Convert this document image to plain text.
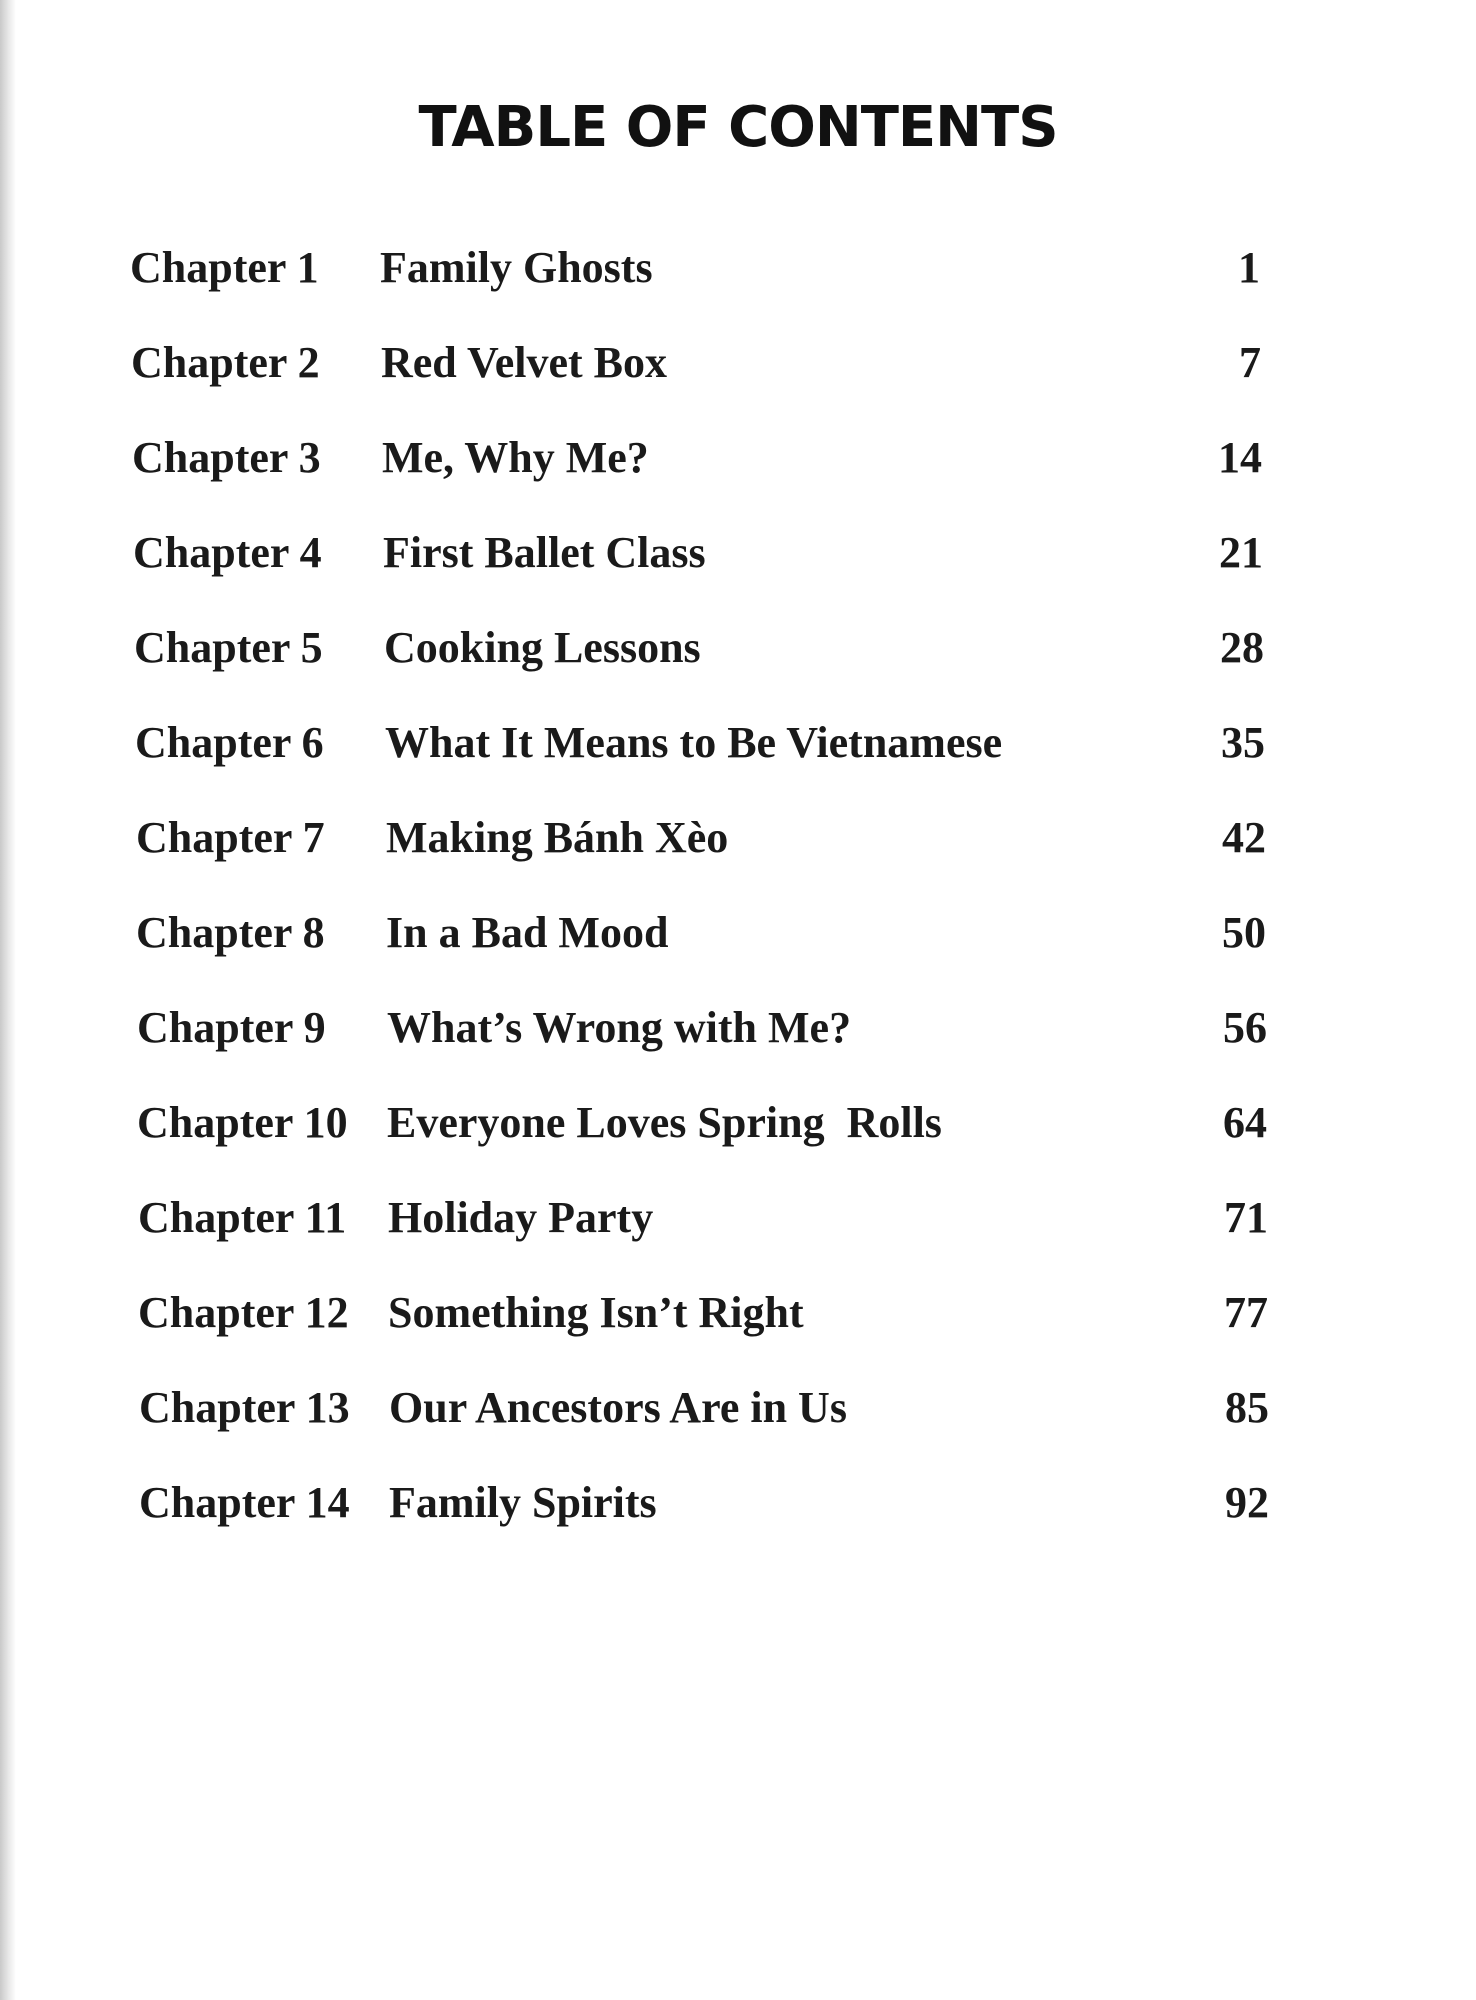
TABLE OF CONTENTS
Chapter 1 Family Ghosts	1
Chapter 2 Red Velvet Box	7
Chapter 3 Me, Why Me?	14
Chapter 4 First Ballet Class	21
Chapter 5 Cooking Lessons	28
Chapter 6 What It Means to Be Vietnamese	35
Chapter 7 Making Bánh Xèo	42
Chapter 8 In a Bad Mood	50
Chapter 9 What’s Wrong with Me?	56
Chapter 10 Everyone Loves Spring  Rolls	64
Chapter 11 Holiday Party	71
Chapter 12 Something Isn’t Right	77
Chapter 13 Our Ancestors Are in Us	85
Chapter 14 Family Spirits	92
